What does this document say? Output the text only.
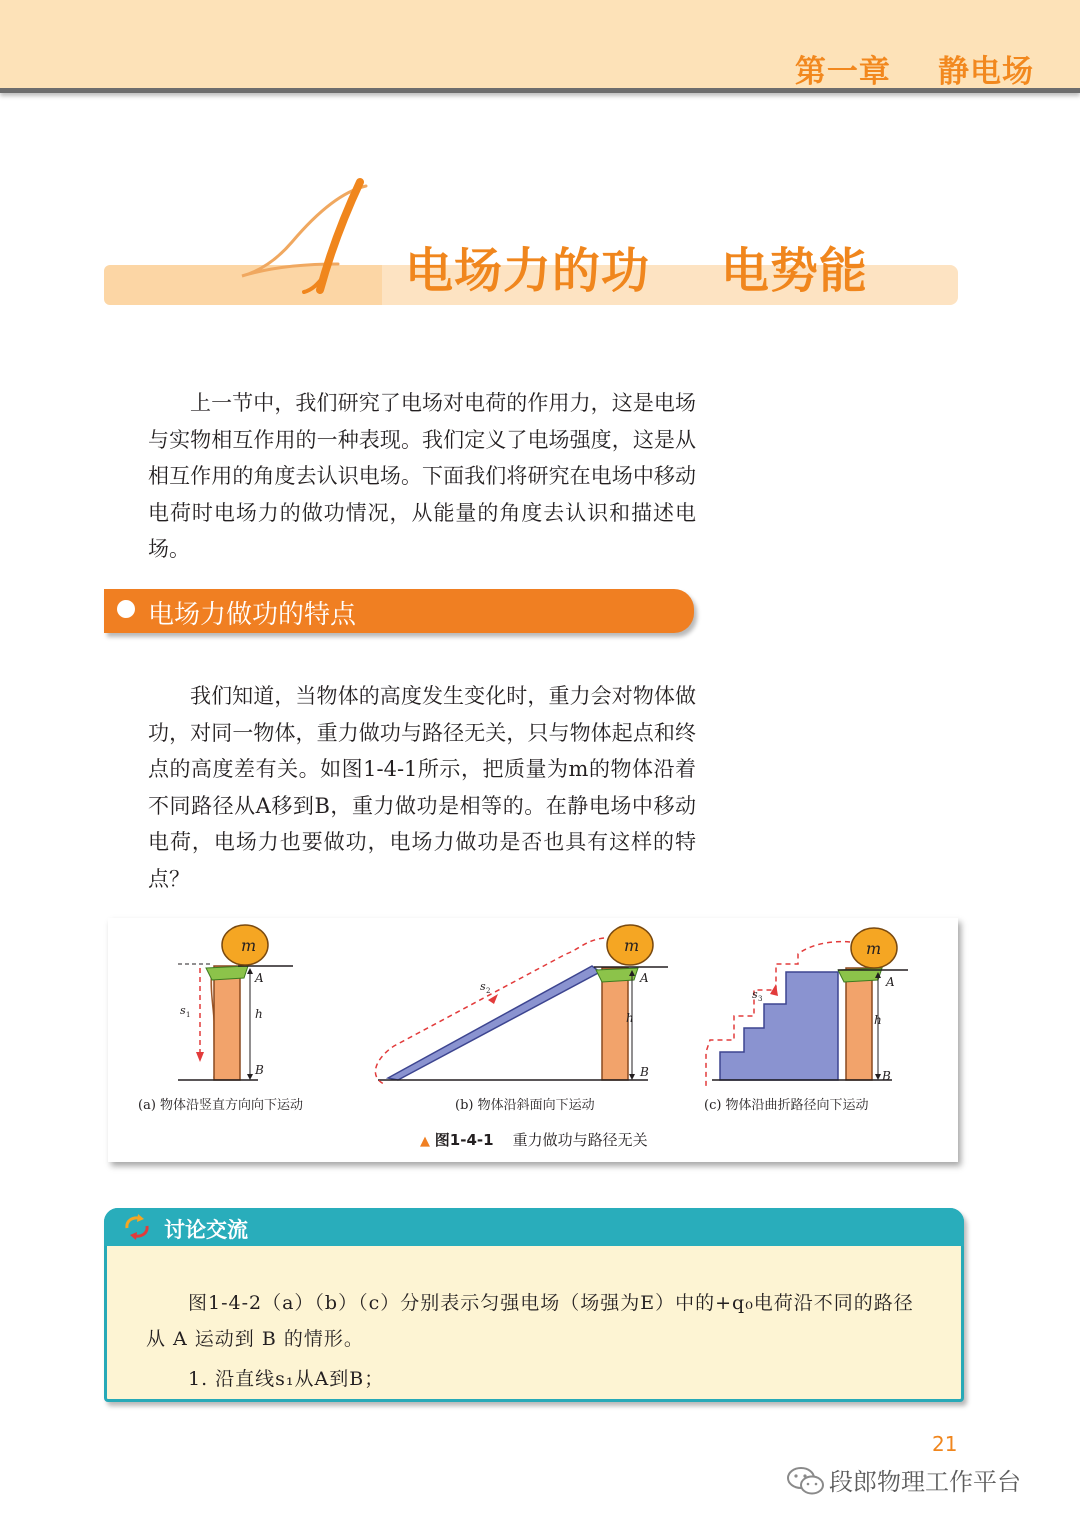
第一章    静电场
4
电场力的功    电势能

上一节中，我们研究了电场对电荷的作用力，这是电场与实物相互作用的一种表现。我们定义了电场强度，这是从相互作用的角度去认识电场。下面我们将研究在电场中移动电荷时电场力的做功情况，从能量的角度去认识和描述电场。

电场力做功的特点

我们知道，当物体的高度发生变化时，重力会对物体做功，对同一物体，重力做功与路径无关，只与物体起点和终点的高度差有关。如图1-4-1所示，把质量为m的物体沿着不同路径从A移到B，重力做功是相等的。在静电场中移动电荷，电场力也要做功，电场力做功是否也具有这样的特点？

m
s 1
A
h
B
m
s 2
A
h
B
m
s 3
A
h
B
(a) 物体沿竖直方向向下运动	(b) 物体沿斜面向下运动	(c) 物体沿曲折路径向下运动
▲ 图1-4-1 重力做功与路径无关
讨论交流

图1-4-2（a）（b）（c）分别表示匀强电场（场强为E）中的+q₀电荷沿不同的路径从 A 运动到 B 的情形。

1. 沿直线s₁从A到B；

21
段郎物理工作平台
